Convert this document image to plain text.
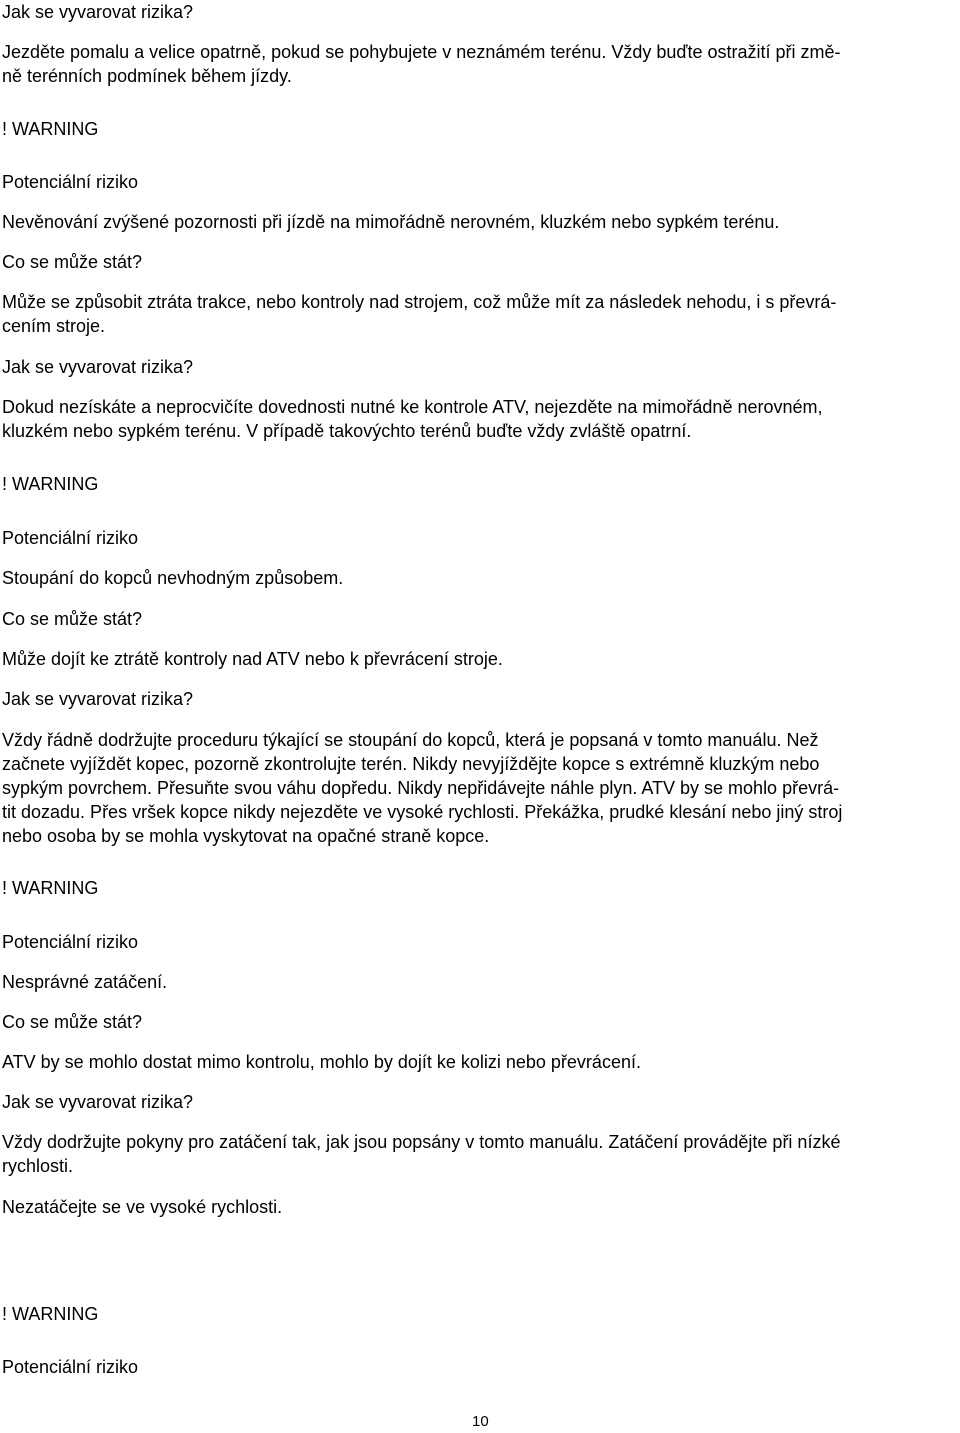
Jak se vyvarovat rizika?

Jezděte pomalu a velice opatrně, pokud se pohybujete v neznámém terénu. Vždy buďte ostražití při změ-
ně terénních podmínek během jízdy.

! WARNING

Potenciální riziko

Nevěnování zvýšené pozornosti při jízdě na mimořádně nerovném, kluzkém nebo sypkém terénu.

Co se může stát?

Může se způsobit ztráta trakce, nebo kontroly nad strojem, což může mít za následek nehodu, i s převrá-
cením stroje.

Jak se vyvarovat rizika?

Dokud nezískáte a neprocvičíte dovednosti nutné ke kontrole ATV, nejezděte na mimořádně nerovném,
kluzkém nebo sypkém terénu. V případě takovýchto terénů buďte vždy zvláště opatrní.

! WARNING

Potenciální riziko

Stoupání do kopců nevhodným způsobem.

Co se může stát?

Může dojít ke ztrátě kontroly nad ATV nebo k převrácení stroje.

Jak se vyvarovat rizika?

Vždy řádně dodržujte proceduru týkající se stoupání do kopců, která je popsaná v tomto manuálu. Než
začnete vyjíždět kopec, pozorně zkontrolujte terén. Nikdy nevyjíždějte kopce s extrémně kluzkým nebo
sypkým povrchem. Přesuňte svou váhu dopředu. Nikdy nepřidávejte náhle plyn. ATV by se mohlo převrá-
tit dozadu. Přes vršek kopce nikdy nejezděte ve vysoké rychlosti. Překážka, prudké klesání nebo jiný stroj
nebo osoba by se mohla vyskytovat na opačné straně kopce.

! WARNING

Potenciální riziko

Nesprávné zatáčení.

Co se může stát?

ATV by se mohlo dostat mimo kontrolu, mohlo by dojít ke kolizi nebo převrácení.

Jak se vyvarovat rizika?

Vždy dodržujte pokyny pro zatáčení tak, jak jsou popsány v tomto manuálu. Zatáčení provádějte při nízké
rychlosti.

Nezatáčejte se ve vysoké rychlosti.

! WARNING

Potenciální riziko

10
